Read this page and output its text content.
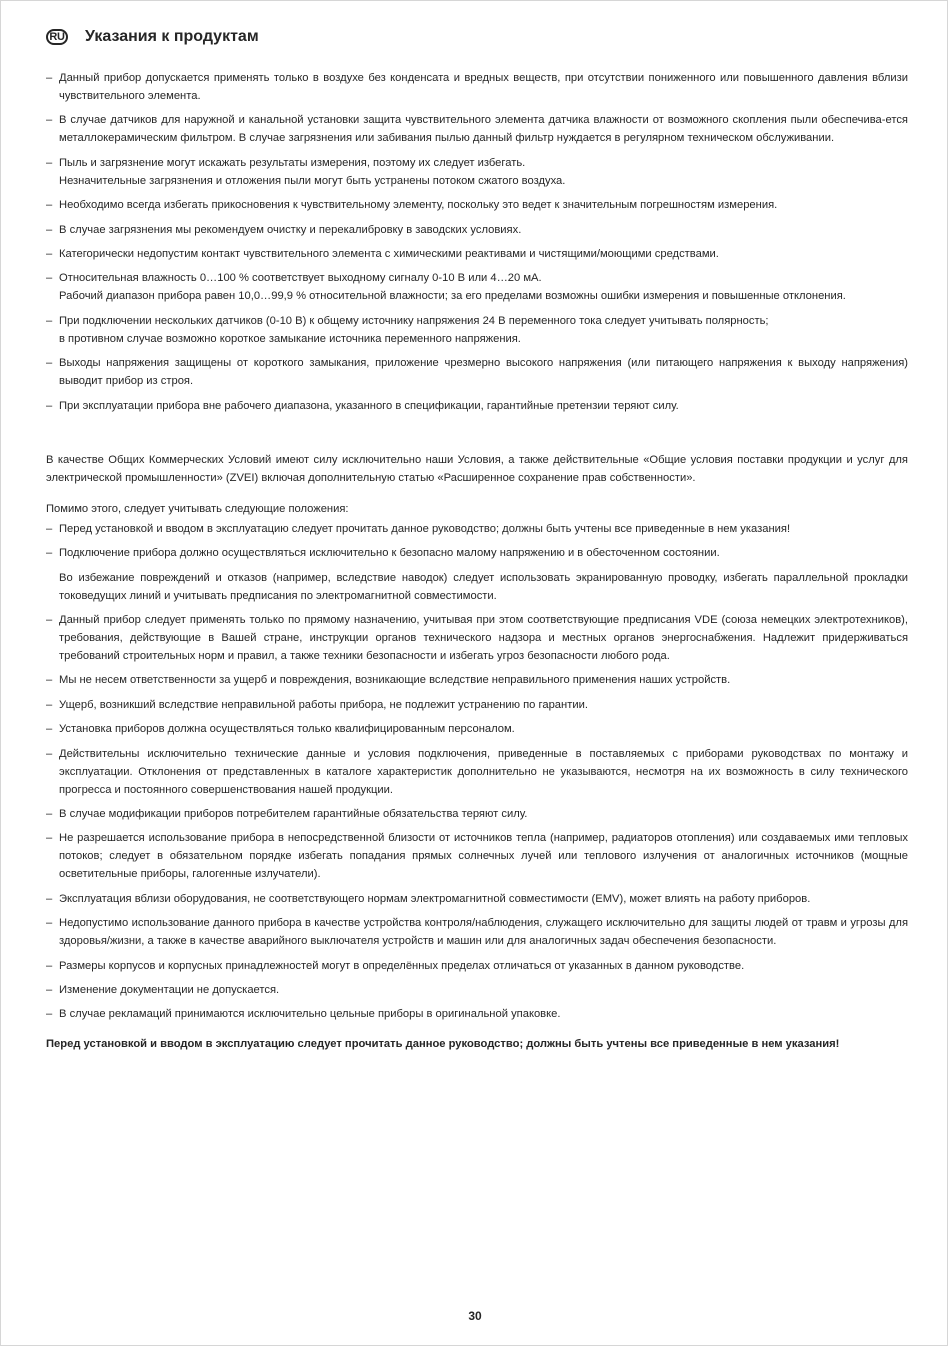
RU Указания к продуктам
– Данный прибор допускается применять только в воздухе без конденсата и вредных веществ, при отсутствии пониженного или повышенного давления вблизи чувствительного элемента.
– В случае датчиков для наружной и канальной установки защита чувствительного элемента датчика влажности от возможного скопления пыли обеспечива-ется металлокерамическим фильтром. В случае загрязнения или забивания пылью данный фильтр нуждается в регулярном техническом обслуживании.
– Пыль и загрязнение могут искажать результаты измерения, поэтому их следует избегать.
Незначительные загрязнения и отложения пыли могут быть устранены потоком сжатого воздуха.
– Необходимо всегда избегать прикосновения к чувствительному элементу, поскольку это ведет к значительным погрешностям измерения.
– В случае загрязнения мы рекомендуем очистку и перекалибровку в заводских условиях.
– Категорически недопустим контакт чувствительного элемента с химическими реактивами и чистящими/моющими средствами.
– Относительная влажность 0…100 % соответствует выходному сигналу 0-10 В или 4…20 мА.
Рабочий диапазон прибора равен 10,0…99,9 % относительной влажности; за его пределами возможны ошибки измерения и повышенные отклонения.
– При подключении нескольких датчиков (0-10 В) к общему источнику напряжения 24 В переменного тока следует учитывать полярность;
в противном случае возможно короткое замыкание источника переменного напряжения.
– Выходы напряжения защищены от короткого замыкания, приложение чрезмерно высокого напряжения (или питающего напряжения к выходу напряжения) выводит прибор из строя.
– При эксплуатации прибора вне рабочего диапазона, указанного в спецификации, гарантийные претензии теряют силу.

В качестве Общих Коммерческих Условий имеют силу исключительно наши Условия, а также действительные «Общие условия поставки продукции и услуг для электрической промышленности» (ZVEI) включая дополнительную статью «Расширенное сохранение прав собственности».

Помимо этого, следует учитывать следующие положения:

– Перед установкой и вводом в эксплуатацию следует прочитать данное руководство; должны быть учтены все приведенные в нем указания!
– Подключение прибора должно осуществляться исключительно к безопасно малому напряжению и в обесточенном состоянии.

Во избежание повреждений и отказов (например, вследствие наводок) следует использовать экранированную проводку, избегать параллельной прокладки токоведущих линий и учитывать предписания по электромагнитной совместимости.

– Данный прибор следует применять только по прямому назначению, учитывая при этом соответствующие предписания VDE (союза немецких электротехников), требования, действующие в Вашей стране, инструкции органов технического надзора и местных органов энергоснабжения. Надлежит придерживаться требований строительных норм и правил, а также техники безопасности и избегать угроз безопасности любого рода.
– Мы не несем ответственности за ущерб и повреждения, возникающие вследствие неправильного применения наших устройств.
– Ущерб, возникший вследствие неправильной работы прибора, не подлежит устранению по гарантии.
– Установка приборов должна осуществляться только квалифицированным персоналом.
– Действительны исключительно технические данные и условия подключения, приведенные в поставляемых с приборами руководствах по монтажу и эксплуатации. Отклонения от представленных в каталоге характеристик дополнительно не указываются, несмотря на их возможность в силу технического прогресса и постоянного совершенствования нашей продукции.
– В случае модификации приборов потребителем гарантийные обязательства теряют силу.
– Не разрешается использование прибора в непосредственной близости от источников тепла (например, радиаторов отопления) или создаваемых ими тепловых потоков; следует в обязательном порядке избегать попадания прямых солнечных лучей или теплового излучения от аналогичных источников (мощные осветительные приборы, галогенные излучатели).
– Эксплуатация вблизи оборудования, не соответствующего нормам электромагнитной совместимости (EMV), может влиять на работу приборов.
– Недопустимо использование данного прибора в качестве устройства контроля/наблюдения, служащего исключительно для защиты людей от травм и угрозы для здоровья/жизни, а также в качестве аварийного выключателя устройств и машин или для аналогичных задач обеспечения безопасности.
– Размеры корпусов и корпусных принадлежностей могут в определённых пределах отличаться от указанных в данном руководстве.
– Изменение документации не допускается.
– В случае рекламаций принимаются исключительно цельные приборы в оригинальной упаковке.

Перед установкой и вводом в эксплуатацию следует прочитать данное руководство; должны быть учтены все приведенные в нем указания!

30
